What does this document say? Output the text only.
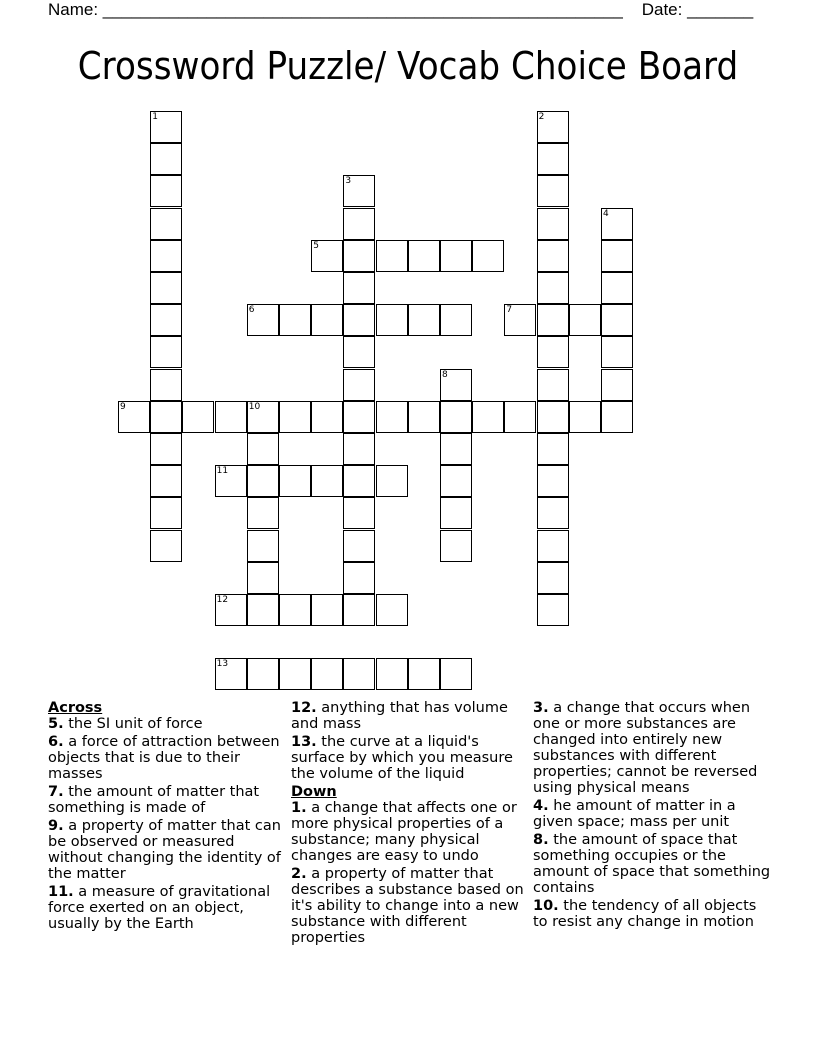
Name: _______________________________________________________ Date: _______
Crossword Puzzle/ Vocab Choice Board
1	2
3
4
5
6	7
8
9	10
11
12
13
Across
5. the SI unit of force
6. a force of attraction between objects that is due to their masses
7. the amount of matter that something is made of
9. a property of matter that can be observed or measured without changing the identity of the matter
11. a measure of gravitational force exerted on an object, usually by the Earth
12. anything that has volume and mass
13. the curve at a liquid's surface by which you measure the volume of the liquid
Down
1. a change that affects one or more physical properties of a substance; many physical changes are easy to undo
2. a property of matter that describes a substance based on it's ability to change into a new substance with different properties
3. a change that occurs when one or more substances are changed into entirely new substances with different properties; cannot be reversed using physical means
4. he amount of matter in a given space; mass per unit
8. the amount of space that something occupies or the amount of space that something contains
10. the tendency of all objects to resist any change in motion
